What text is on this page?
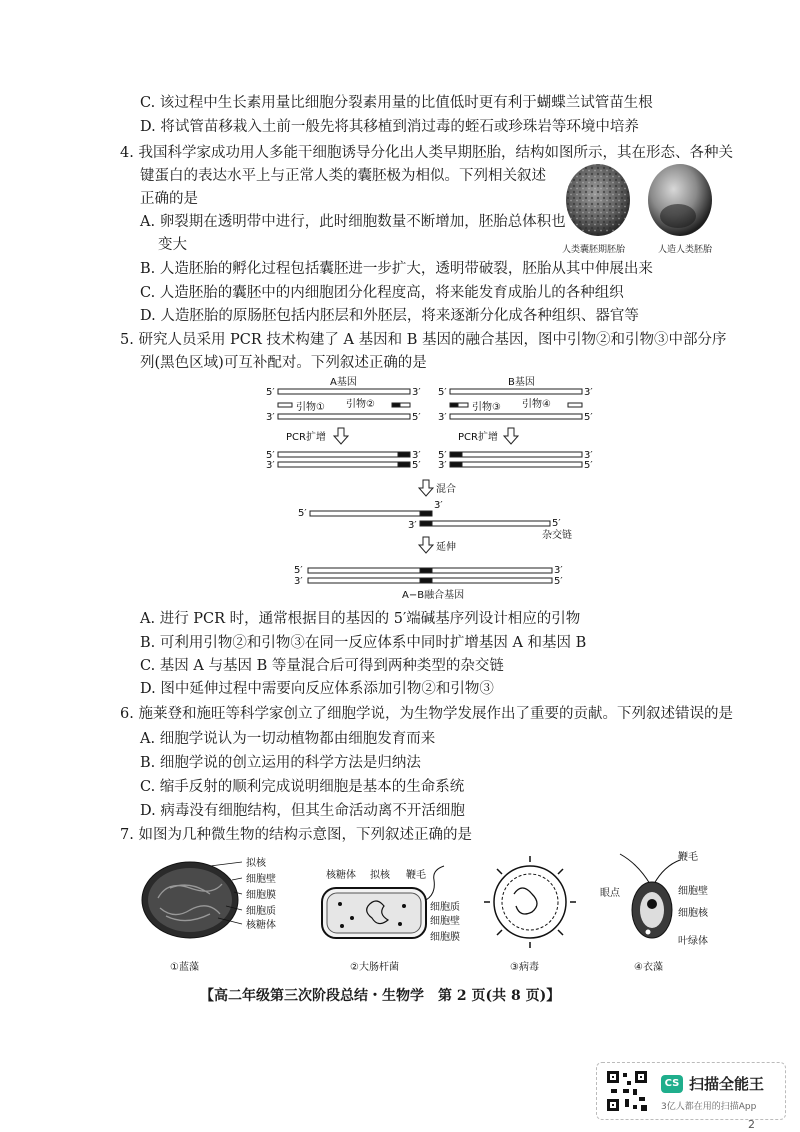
C. 该过程中生长素用量比细胞分裂素用量的比值低时更有利于蝴蝶兰试管苗生根
D. 将试管苗移栽入土前一般先将其移植到消过毒的蛭石或珍珠岩等环境中培养
4. 我国科学家成功用人多能干细胞诱导分化出人类早期胚胎，结构如图所示，其在形态、各种关
键蛋白的表达水平上与正常人类的囊胚极为相似。下列相关叙述
正确的是
A. 卵裂期在透明带中进行，此时细胞数量不断增加，胚胎总体积也
变大
B. 人造胚胎的孵化过程包括囊胚进一步扩大，透明带破裂，胚胎从其中伸展出来
C. 人造胚胎的囊胚中的内细胞团分化程度高，将来能发育成胎儿的各种组织
D. 人造胚胎的原肠胚包括内胚层和外胚层，将来逐渐分化成各种组织、器官等
人类囊胚期胚胎	人造人类胚胎
5. 研究人员采用 PCR 技术构建了 A 基因和 B 基因的融合基因，图中引物②和引物③中部分序
列(黑色区域)可互补配对。下列叙述正确的是
A基因	B基因
5′	3′
3′	5′
引物① 引物②
5′	3′
3′	5′
引物③ 引物④
PCR扩增	PCR扩增
5′	3′
3′	5′
5′	3′
3′	5′
混合
5′
3′
3′	5′
杂交链
延伸
5′	3′
3′	5′
A−B融合基因
A. 进行 PCR 时，通常根据目的基因的 5′端碱基序列设计相应的引物
B. 可利用引物②和引物③在同一反应体系中同时扩增基因 A 和基因 B
C. 基因 A 与基因 B 等量混合后可得到两种类型的杂交链
D. 图中延伸过程中需要向反应体系添加引物②和引物③
6. 施莱登和施旺等科学家创立了细胞学说，为生物学发展作出了重要的贡献。下列叙述错误的是
A. 细胞学说认为一切动植物都由细胞发育而来
B. 细胞学说的创立运用的科学方法是归纳法
C. 缩手反射的顺利完成说明细胞是基本的生命系统
D. 病毒没有细胞结构，但其生命活动离不开活细胞
7. 如图为几种微生物的结构示意图，下列叙述正确的是
拟核
细胞壁
细胞膜
细胞质
核糖体
核糖体 拟核 鞭毛
细胞质
细胞壁
细胞膜
鞭毛
眼点	细胞壁
细胞核
叶绿体
①蓝藻	②大肠杆菌	③病毒	④衣藻
【高二年级第三次阶段总结・生物学　第 2 页(共 8 页)】
CS 扫描全能王
3亿人都在用的扫描App
2
